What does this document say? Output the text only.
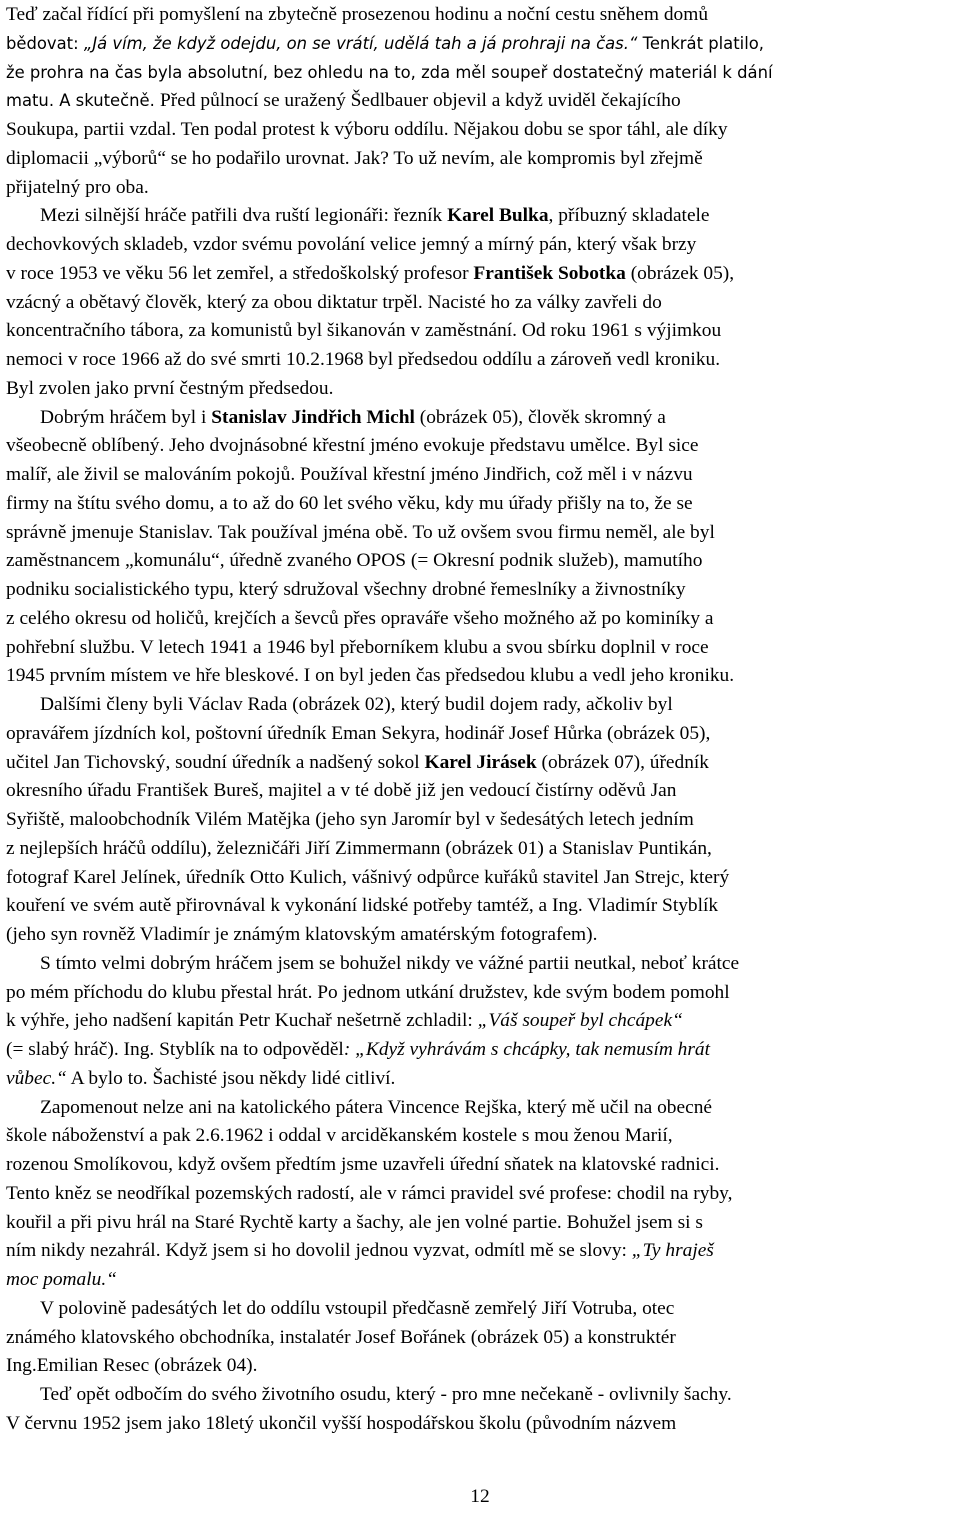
Teď začal řídící při pomyšlení na zbytečně prosezenou hodinu a noční cestu sněhem domů
bědovat: „Já vím, že když odejdu, on se vrátí, udělá tah a já prohraji na čas.“ Tenkrát platilo,
že prohra na čas byla absolutní, bez ohledu na to, zda měl soupeř dostatečný materiál k dání
matu. A skutečně. Před půlnocí se uražený Šedlbauer objevil a když uviděl čekajícího
Soukupa, partii vzdal. Ten podal protest k výboru oddílu. Nějakou dobu se spor táhl, ale díky
diplomacii „výborů“ se ho podařilo urovnat. Jak? To už nevím, ale kompromis byl zřejmě
přijatelný pro oba.
Mezi silnější hráče patřili dva ruští legionáři: řezník Karel Bulka, příbuzný skladatele
dechovkových skladeb, vzdor svému povolání velice jemný a mírný pán, který však brzy
v roce 1953 ve věku 56 let zemřel, a středoškolský profesor František Sobotka (obrázek 05),
vzácný a obětavý člověk, který za obou diktatur trpěl. Nacisté ho za války zavřeli do
koncentračního tábora, za komunistů byl šikanován v zaměstnání. Od roku 1961 s výjimkou
nemoci v roce 1966 až do své smrti 10.2.1968 byl předsedou oddílu a zároveň vedl kroniku.
Byl zvolen jako první čestným předsedou.
Dobrým hráčem byl i Stanislav Jindřich Michl (obrázek 05), člověk skromný a
všeobecně oblíbený. Jeho dvojnásobné křestní jméno evokuje představu umělce. Byl sice
malíř, ale živil se malováním pokojů. Používal křestní jméno Jindřich, což měl i v názvu
firmy na štítu svého domu, a to až do 60 let svého věku, kdy mu úřady přišly na to, že se
správně jmenuje Stanislav. Tak používal jména obě. To už ovšem svou firmu neměl, ale byl
zaměstnancem „komunálu“, úředně zvaného OPOS (= Okresní podnik služeb), mamutího
podniku socialistického typu, který sdružoval všechny drobné řemeslníky a živnostníky
z celého okresu od holičů, krejčích a ševců přes opraváře všeho možného až po kominíky a
pohřební službu. V letech 1941 a 1946 byl přeborníkem klubu a svou sbírku doplnil v roce
1945 prvním místem ve hře bleskové. I on byl jeden čas předsedou klubu a vedl jeho kroniku.
Dalšími členy byli Václav Rada (obrázek 02), který budil dojem rady, ačkoliv byl
opravářem jízdních kol, poštovní úředník Eman Sekyra, hodinář Josef Hůrka (obrázek 05),
učitel Jan Tichovský, soudní úředník a nadšený sokol Karel Jirásek (obrázek 07), úředník
okresního úřadu František Bureš, majitel a v té době již jen vedoucí čistírny oděvů Jan
Syřiště, maloobchodník Vilém Matějka (jeho syn Jaromír byl v šedesátých letech jedním
z nejlepších hráčů oddílu), železničáři Jiří Zimmermann (obrázek 01) a Stanislav Puntikán,
fotograf Karel Jelínek, úředník Otto Kulich, vášnivý odpůrce kuřáků stavitel Jan Strejc, který
kouření ve svém autě přirovnával k vykonání lidské potřeby tamtéž, a Ing. Vladimír Styblík
(jeho syn rovněž Vladimír je známým klatovským amatérským fotografem).
S tímto velmi dobrým hráčem jsem se bohužel nikdy ve vážné partii neutkal, neboť krátce
po mém příchodu do klubu přestal hrát. Po jednom utkání družstev, kde svým bodem pomohl
k výhře, jeho nadšení kapitán Petr Kuchař nešetrně zchladil: „Váš soupeř byl chcápek“
(= slabý hráč). Ing. Styblík na to odpověděl: „Když vyhrávám s chcápky, tak nemusím hrát
vůbec.“ A bylo to. Šachisté jsou někdy lidé citliví.
Zapomenout nelze ani na katolického pátera Vincence Rejška, který mě učil na obecné
škole náboženství a pak 2.6.1962 i oddal v arciděkanském kostele s mou ženou Marií,
rozenou Smolíkovou, když ovšem předtím jsme uzavřeli úřední sňatek na klatovské radnici.
Tento kněz se neodříkal pozemských radostí, ale v rámci pravidel své profese: chodil na ryby,
kouřil a při pivu hrál na Staré Rychtě karty a šachy, ale jen volné partie. Bohužel jsem si s
ním nikdy nezahrál. Když jsem si ho dovolil jednou vyzvat, odmítl mě se slovy: „Ty hraješ
moc pomalu.“
V polovině padesátých let do oddílu vstoupil předčasně zemřelý Jiří Votruba, otec
známého klatovského obchodníka, instalatér Josef Bořánek (obrázek 05) a konstruktér
Ing.Emilian Resec (obrázek 04).
Teď opět odbočím do svého životního osudu, který - pro mne nečekaně - ovlivnily šachy.
V červnu 1952 jsem jako 18letý ukončil vyšší hospodářskou školu (původním názvem
12
